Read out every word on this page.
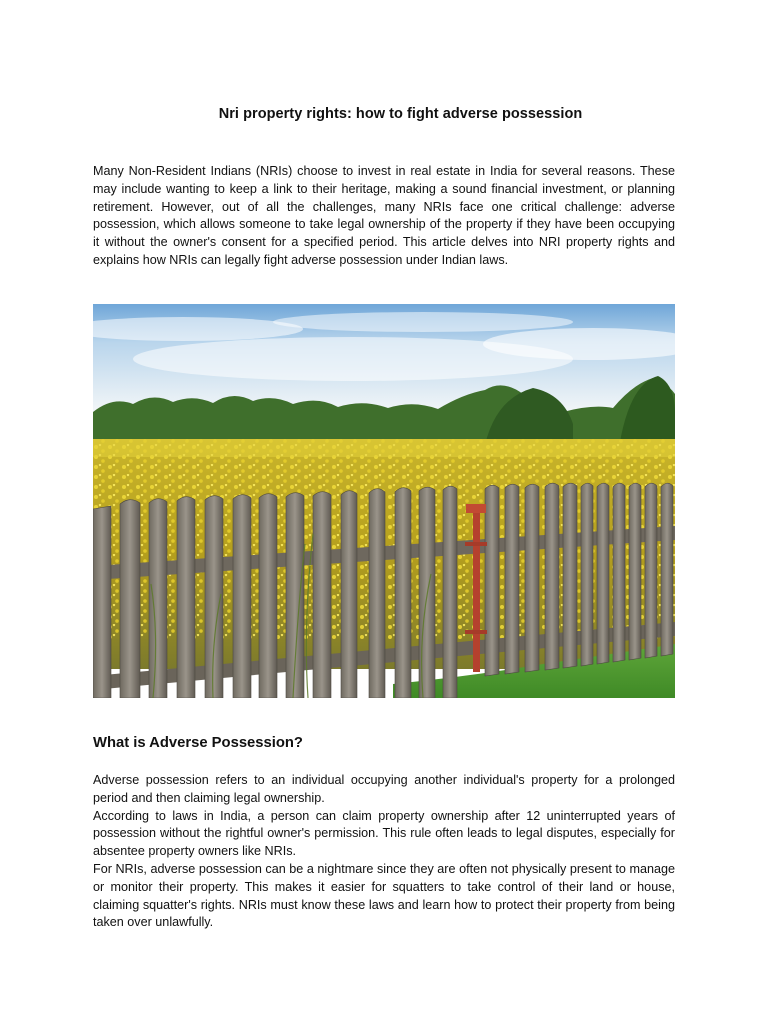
Nri property rights: how to fight adverse possession

Many Non-Resident Indians (NRIs) choose to invest in real estate in India for several reasons. These may include wanting to keep a link to their heritage, making a sound financial investment, or planning retirement. However, out of all the challenges, many NRIs face one critical challenge: adverse possession, which allows someone to take legal ownership of the property if they have been occupying it without the owner's consent for a specified period. This article delves into NRI property rights and explains how NRIs can legally fight adverse possession under Indian laws.

What is Adverse Possession?

Adverse possession refers to an individual occupying another individual's property for a prolonged period and then claiming legal ownership.

According to laws in India, a person can claim property ownership after 12 uninterrupted years of possession without the rightful owner's permission. This rule often leads to legal disputes, especially for absentee property owners like NRIs.

For NRIs, adverse possession can be a nightmare since they are often not physically present to manage or monitor their property. This makes it easier for squatters to take control of their land or house, claiming squatter's rights. NRIs must know these laws and learn how to protect their property from being taken over unlawfully.
